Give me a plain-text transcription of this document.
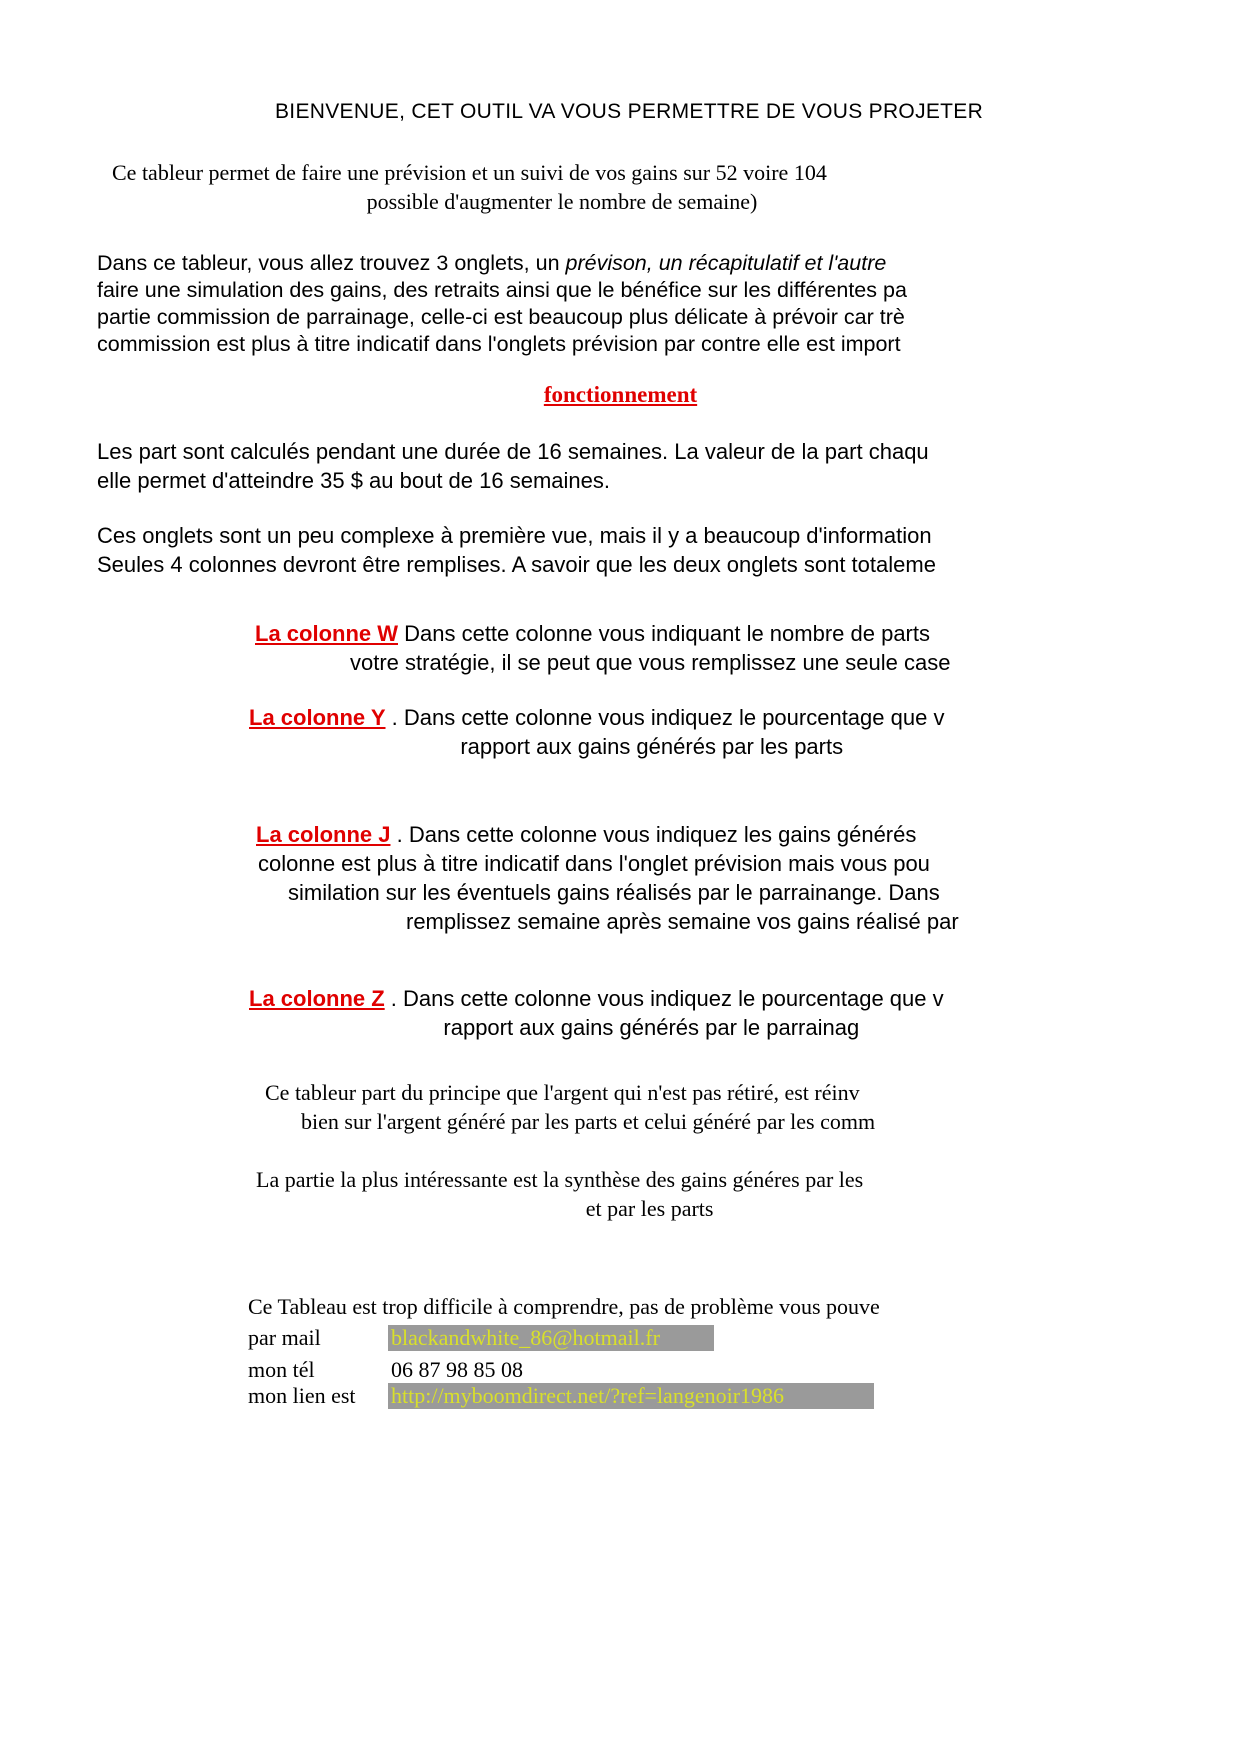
BIENVENUE, CET OUTIL VA VOUS PERMETTRE DE VOUS PROJETER
Ce tableur permet de faire une prévision et un suivi de vos gains sur 52 voire 104
possible d'augmenter le nombre de semaine)
Dans ce tableur, vous allez trouvez 3 onglets, un prévison, un récapitulatif et l'autre
faire une simulation des gains, des retraits ainsi que le bénéfice sur les différentes pa
partie commission de parrainage, celle-ci est beaucoup plus délicate à prévoir car trè
commission est plus à titre indicatif dans l'onglets prévision par contre elle est import
fonctionnement
Les part sont calculés pendant une durée de 16 semaines. La valeur de la part chaqu
elle permet d'atteindre 35 $ au bout de 16 semaines.
Ces onglets sont un peu complexe à première vue, mais il y a beaucoup d'information
Seules 4 colonnes devront être remplises. A savoir que les deux onglets sont totaleme
La colonne W Dans cette colonne vous indiquant le nombre de parts
votre stratégie, il se peut que vous remplissez une seule case
La colonne Y . Dans cette colonne vous indiquez le pourcentage que v
rapport aux gains générés par les parts
La colonne J . Dans cette colonne vous indiquez les gains générés
colonne est plus à titre indicatif dans l'onglet prévision mais vous pou
similation sur les éventuels gains réalisés par le parrainange. Dans
remplissez semaine après semaine vos gains réalisé par
La colonne Z . Dans cette colonne vous indiquez le pourcentage que v
rapport aux gains générés par le parrainag
Ce tableur part du principe que l'argent qui n'est pas rétiré, est réinv
bien sur l'argent généré par les parts et celui généré par les comm
La partie la plus intéressante est la synthèse des gains généres par les
et par les parts
Ce Tableau est trop difficile à comprendre, pas de problème vous pouve
par mail	blackandwhite_86@hotmail.fr
mon tél	06 87 98 85 08
mon lien est http://myboomdirect.net/?ref=langenoir1986
